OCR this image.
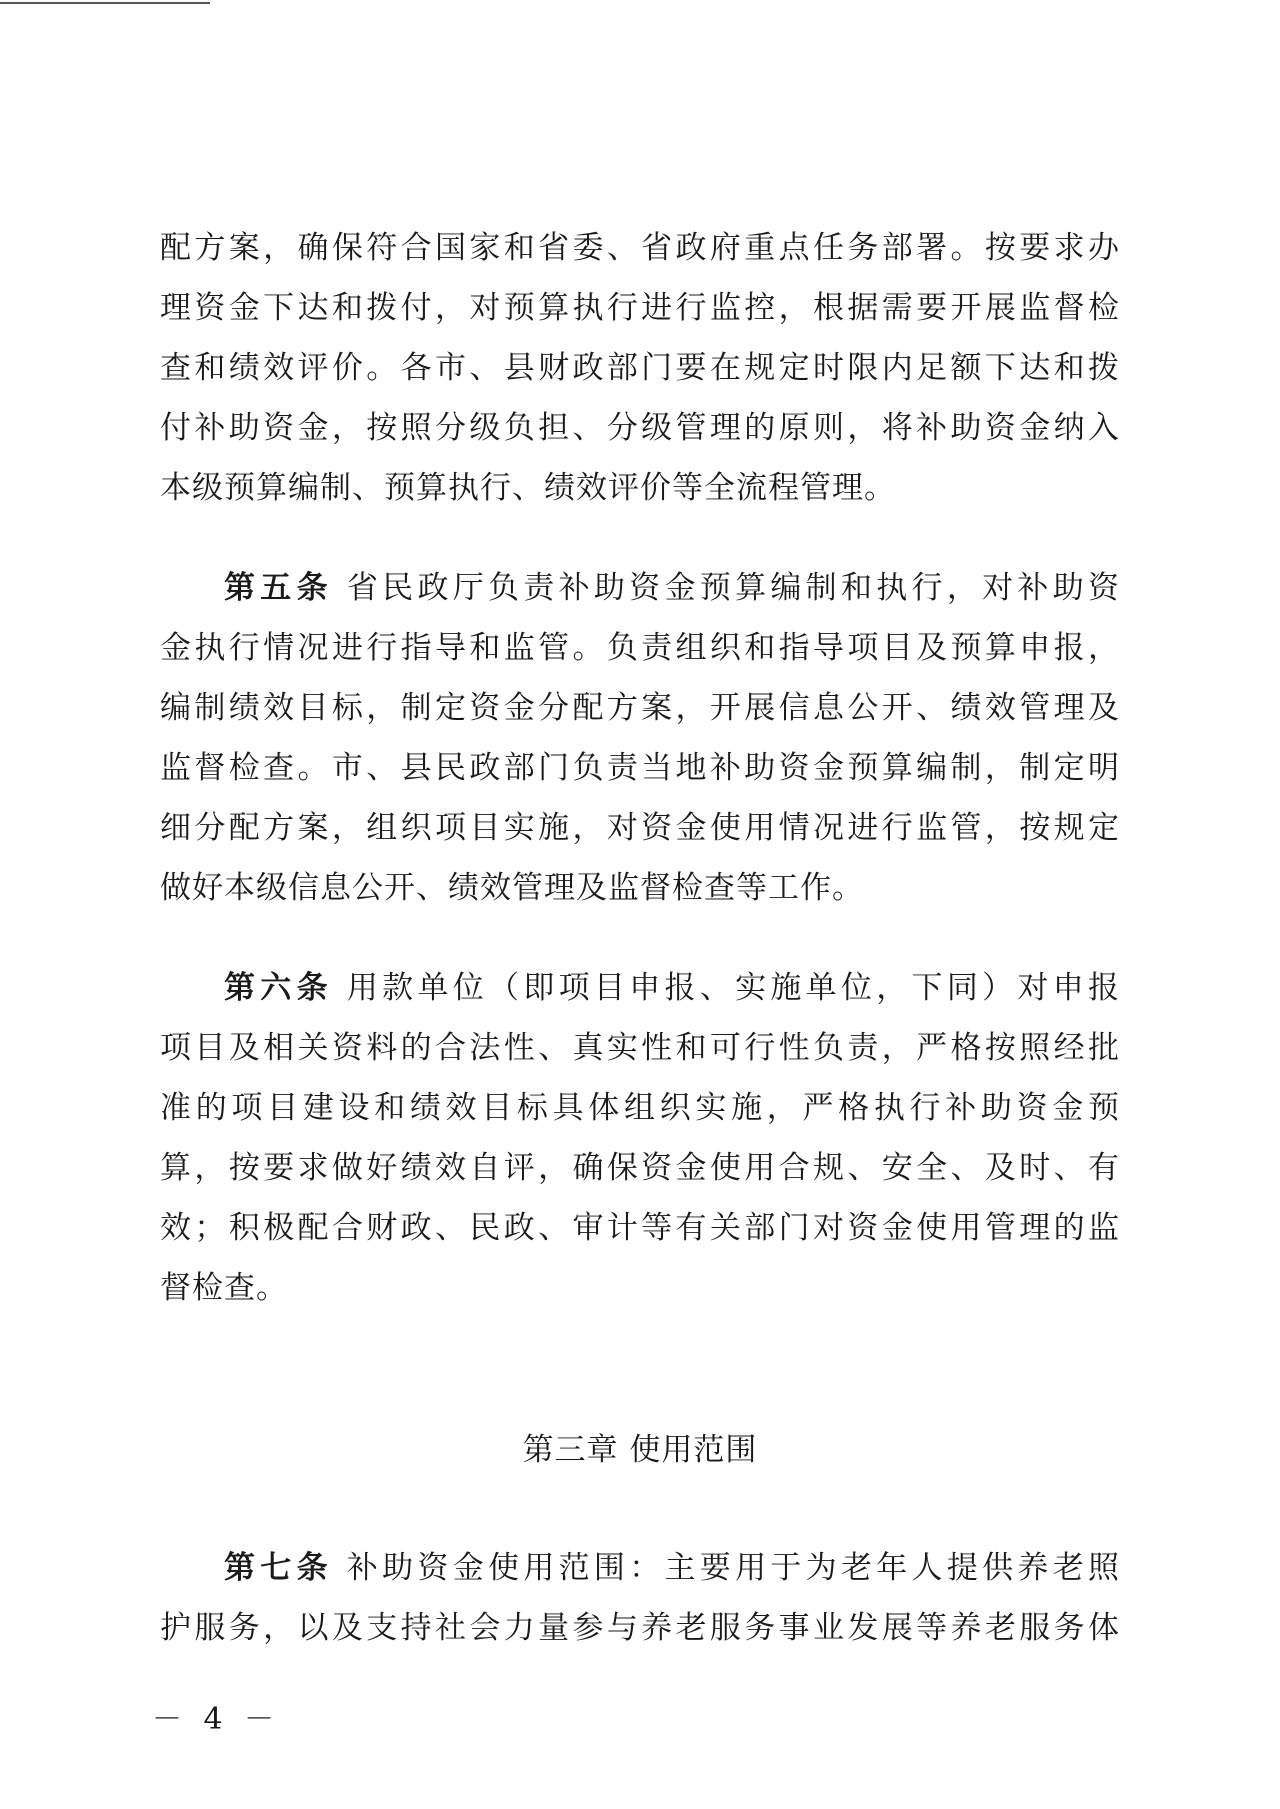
配方案，确保符合国家和省委、省政府重点任务部署。按要求办
理资金下达和拨付，对预算执行进行监控，根据需要开展监督检
查和绩效评价。各市、县财政部门要在规定时限内足额下达和拨
付补助资金，按照分级负担、分级管理的原则，将补助资金纳入
本级预算编制、预算执行、绩效评价等全流程管理。
第五条 省民政厅负责补助资金预算编制和执行，对补助资
金执行情况进行指导和监管。负责组织和指导项目及预算申报，
编制绩效目标，制定资金分配方案，开展信息公开、绩效管理及
监督检查。市、县民政部门负责当地补助资金预算编制，制定明
细分配方案，组织项目实施，对资金使用情况进行监管，按规定
做好本级信息公开、绩效管理及监督检查等工作。
第六条 用款单位（即项目申报、实施单位，下同）对申报
项目及相关资料的合法性、真实性和可行性负责，严格按照经批
准的项目建设和绩效目标具体组织实施，严格执行补助资金预
算，按要求做好绩效自评，确保资金使用合规、安全、及时、有
效；积极配合财政、民政、审计等有关部门对资金使用管理的监
督检查。
第三章 使用范围
第七条 补助资金使用范围：主要用于为老年人提供养老照
护服务，以及支持社会力量参与养老服务事业发展等养老服务体
－ 4 －
